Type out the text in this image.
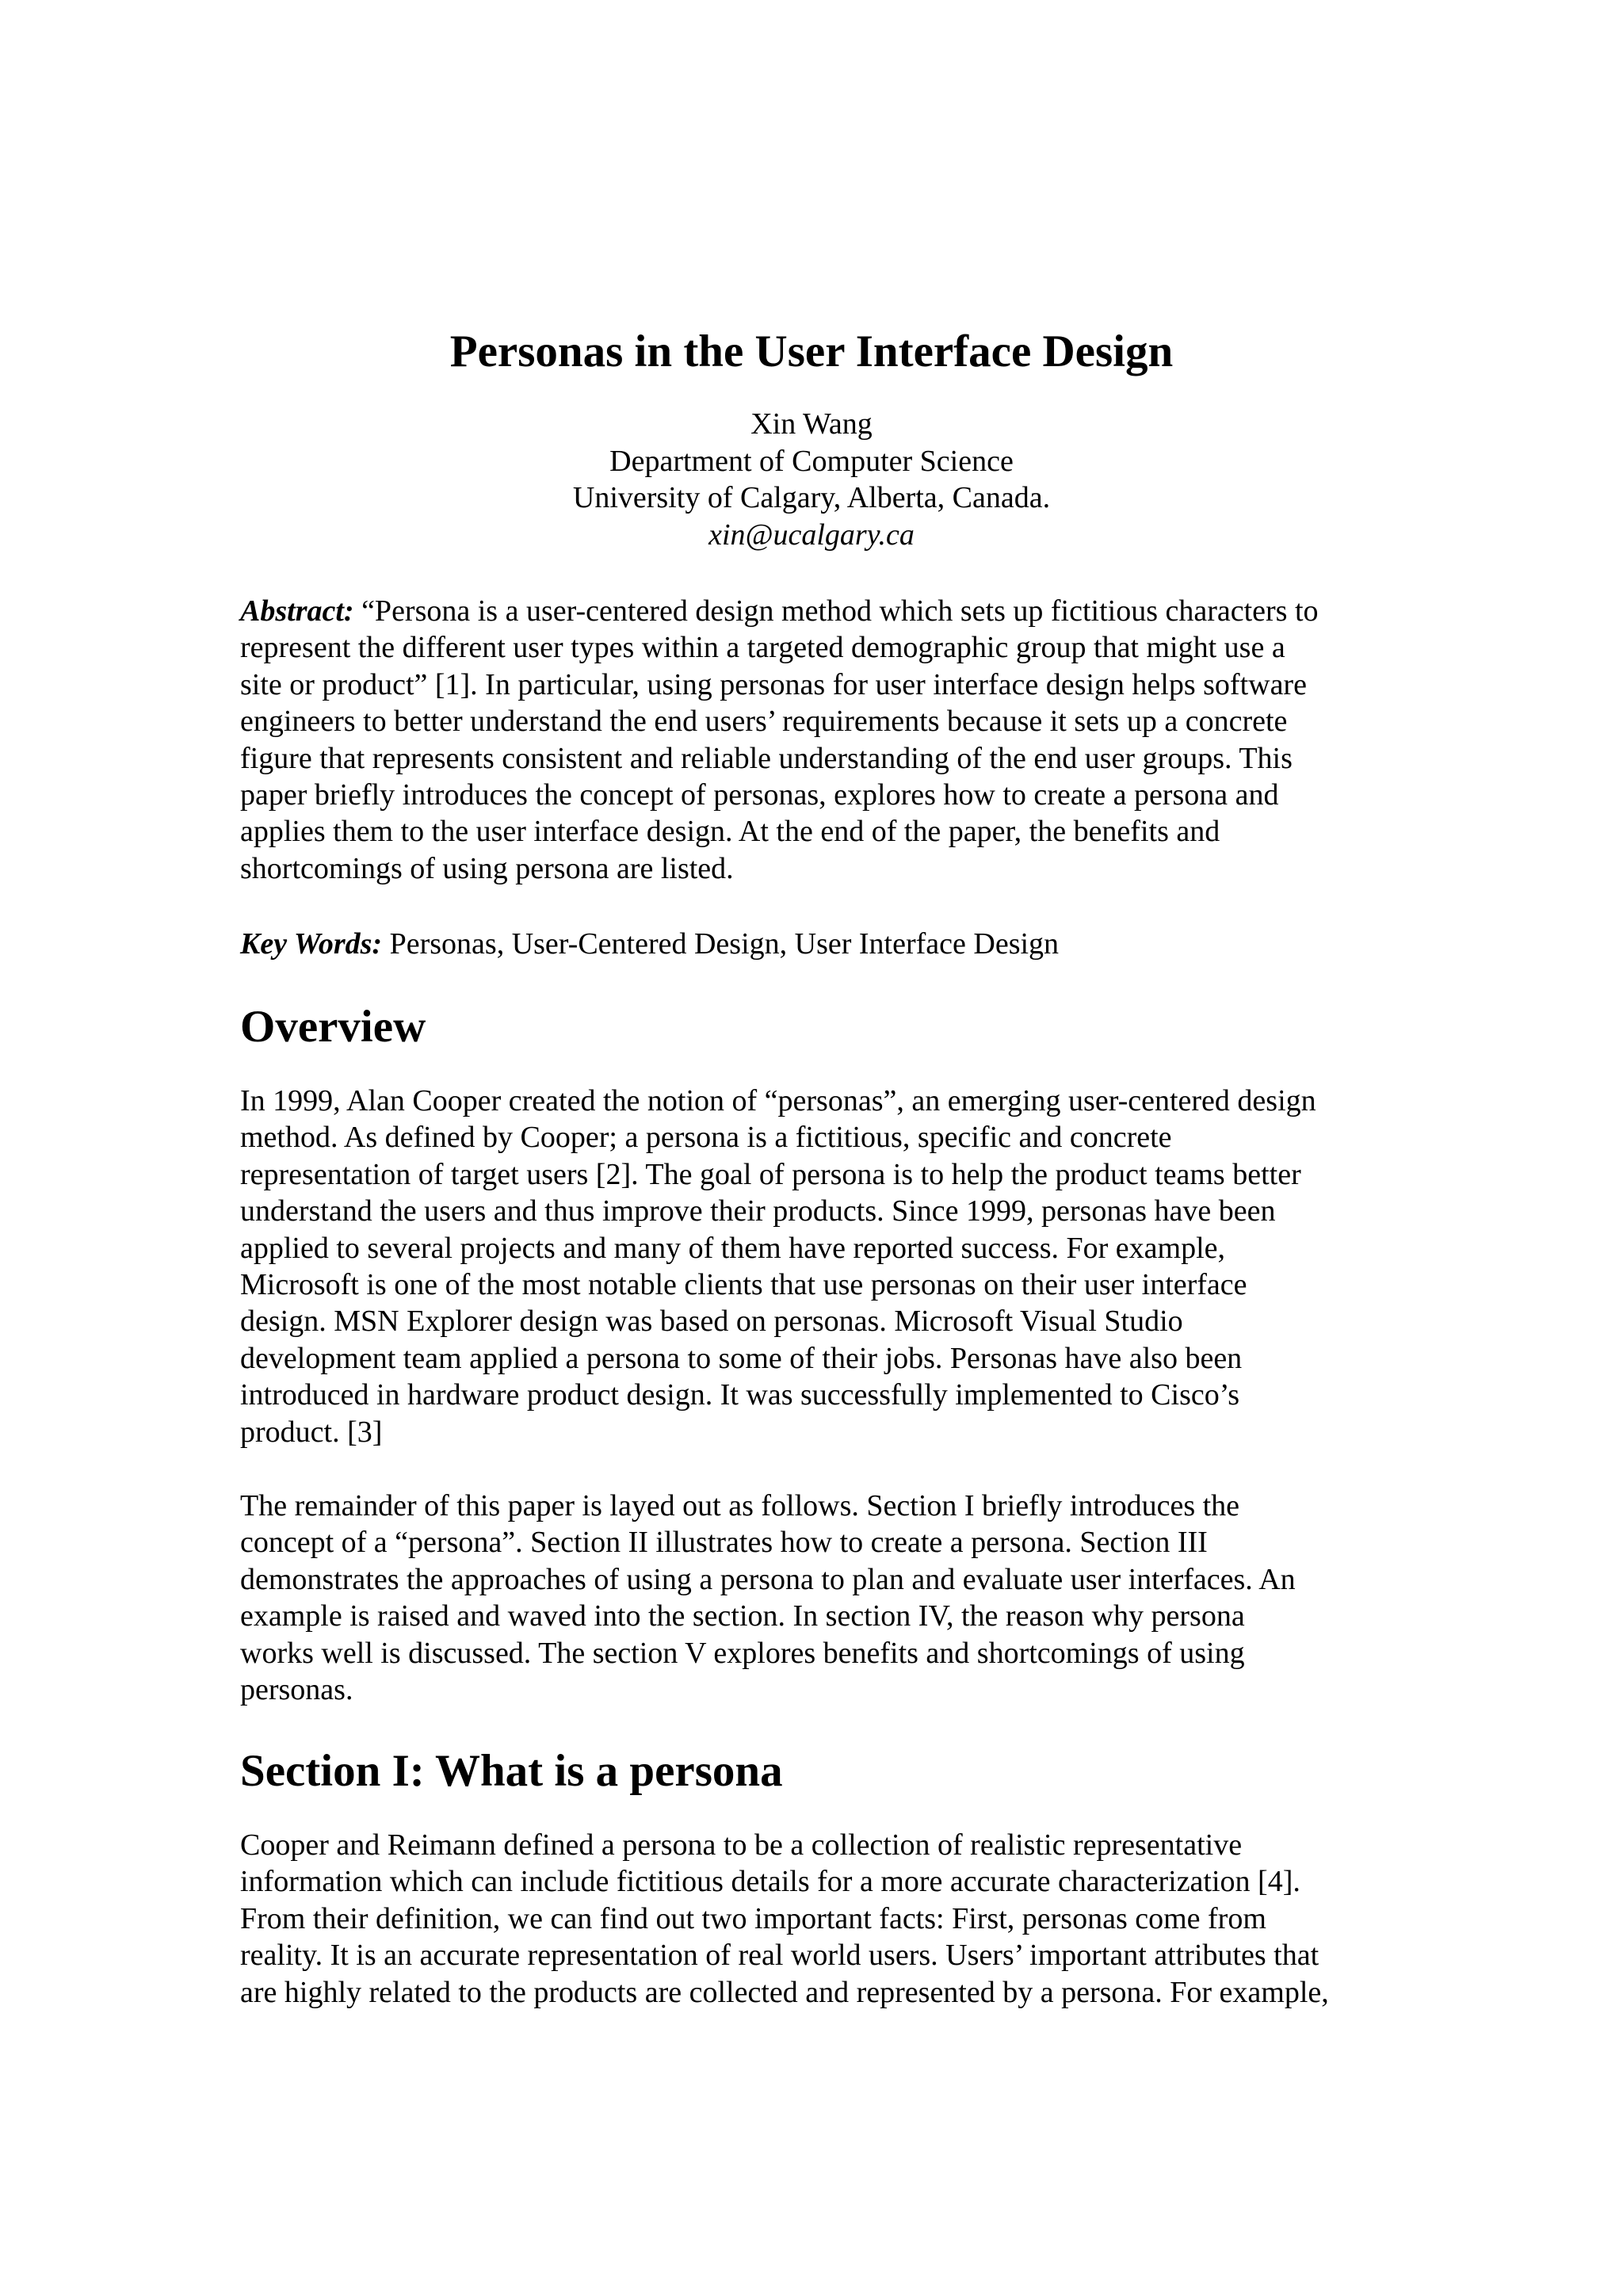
Personas in the User Interface Design
Xin Wang
Department of Computer Science
University of Calgary, Alberta, Canada.
xin@ucalgary.ca

Abstract: “Persona is a user-centered design method which sets up fictitious characters to
represent the different user types within a targeted demographic group that might use a
site or product” [1]. In particular, using personas for user interface design helps software
engineers to better understand the end users’ requirements because it sets up a concrete
figure that represents consistent and reliable understanding of the end user groups. This
paper briefly introduces the concept of personas, explores how to create a persona and
applies them to the user interface design. At the end of the paper, the benefits and
shortcomings of using persona are listed.

Key Words: Personas, User-Centered Design, User Interface Design

Overview

In 1999, Alan Cooper created the notion of “personas”, an emerging user-centered design
method. As defined by Cooper; a persona is a fictitious, specific and concrete
representation of target users [2]. The goal of persona is to help the product teams better
understand the users and thus improve their products. Since 1999, personas have been
applied to several projects and many of them have reported success. For example,
Microsoft is one of the most notable clients that use personas on their user interface
design. MSN Explorer design was based on personas. Microsoft Visual Studio
development team applied a persona to some of their jobs. Personas have also been
introduced in hardware product design. It was successfully implemented to Cisco’s
product. [3]

The remainder of this paper is layed out as follows. Section I briefly introduces the
concept of a “persona”. Section II illustrates how to create a persona. Section III
demonstrates the approaches of using a persona to plan and evaluate user interfaces. An
example is raised and waved into the section. In section IV, the reason why persona
works well is discussed. The section V explores benefits and shortcomings of using
personas.

Section I: What is a persona

Cooper and Reimann defined a persona to be a collection of realistic representative
information which can include fictitious details for a more accurate characterization [4].
From their definition, we can find out two important facts: First, personas come from
reality. It is an accurate representation of real world users. Users’ important attributes that
are highly related to the products are collected and represented by a persona. For example,
